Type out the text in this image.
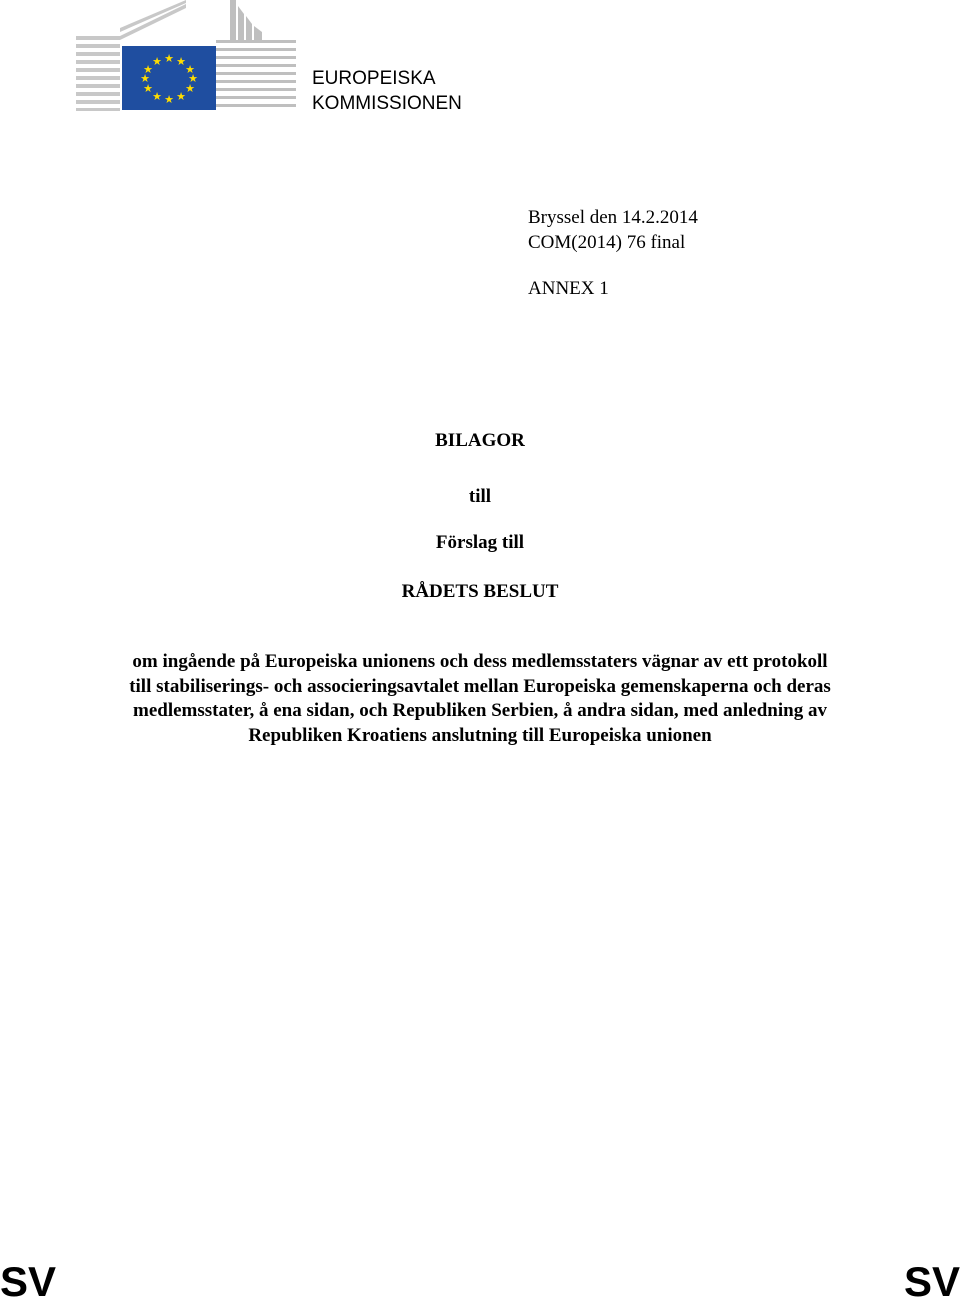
★ ★
★
★
★
★
★
★
★
★
★
★
EUROPEISKA
KOMMISSIONEN
Bryssel den 14.2.2014
COM(2014) 76 final
ANNEX 1
BILAGOR
till
Förslag till
RÅDETS BESLUT
om ingående på Europeiska unionens och dess medlemsstaters vägnar av ett protokoll
till stabiliserings- och associeringsavtalet mellan Europeiska gemenskaperna och deras
medlemsstater, å ena sidan, och Republiken Serbien, å andra sidan, med anledning av
Republiken Kroatiens anslutning till Europeiska unionen
SV	SV
